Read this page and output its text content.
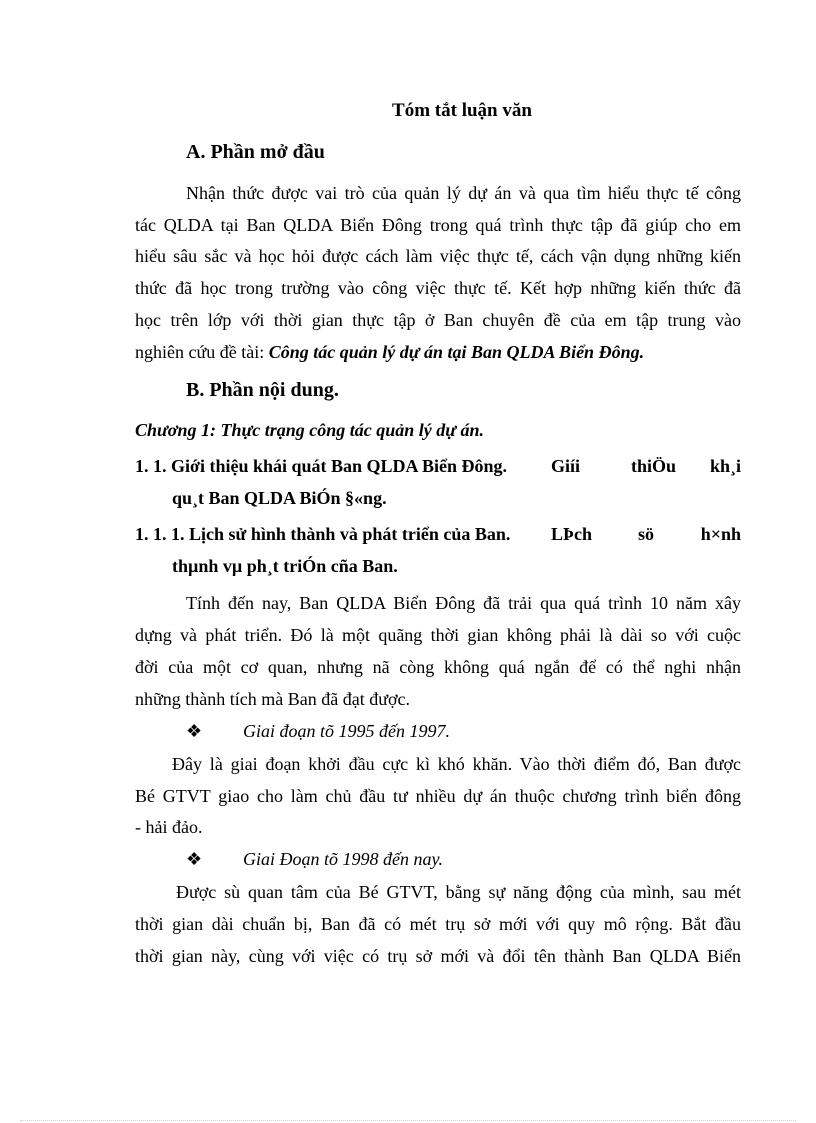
Tóm tắt luận văn
A. Phần mở đầu
Nhận thức được vai trò của quản lý dự án và qua tìm hiểu thực tế công
tác QLDA tại Ban QLDA Biển Đông trong quá trình thực tập đã giúp cho em
hiểu sâu sắc và học hỏi được cách làm việc thực tế, cách vận dụng những kiến
thức đã học trong trường vào công việc thực tế. Kết hợp những kiến thức đã
học trên lớp với thời gian thực tập ở Ban chuyên đề của em tập trung vào
nghiên cứu đề tài: Công tác quản lý dự án tại Ban QLDA Biển Đông.
B. Phần nội dung.
Chương 1: Thực trạng công tác quản lý dự án.
1. 1. Giới thiệu khái quát Ban QLDA Biển Đông. Giíi	thiÖu kh¸i
qu¸t Ban QLDA BiÓn §«ng.
1. 1. 1. Lịch sử hình thành và phát triển của Ban. LÞch	sö	h×nh
thµnh vµ ph¸t triÓn cña Ban.
Tính đến nay, Ban QLDA Biển Đông đã trải qua quá trình 10 năm xây
dựng và phát triển. Đó là một quãng thời gian không phải là dài so với cuộc
đời của một cơ quan, nhưng nã còng không quá ngắn để có thể nghi nhận
những thành tích mà Ban đã đạt được.
❖ Giai đoạn tõ 1995 đến 1997.
Đây là giai đoạn khởi đầu cực kì khó khăn. Vào thời điểm đó, Ban được
Bé GTVT giao cho làm chủ đầu tư nhiều dự án thuộc chương trình biển đông
- hải đảo.
❖ Giai Đoạn tõ 1998 đến nay.
Được sù quan tâm của Bé GTVT, bằng sự năng động của mình, sau mét
thời gian dài chuẩn bị, Ban đã có mét trụ sở mới với quy mô rộng. Bắt đầu
thời gian này, cùng với việc có trụ sở mới và đổi tên thành Ban QLDA Biển
